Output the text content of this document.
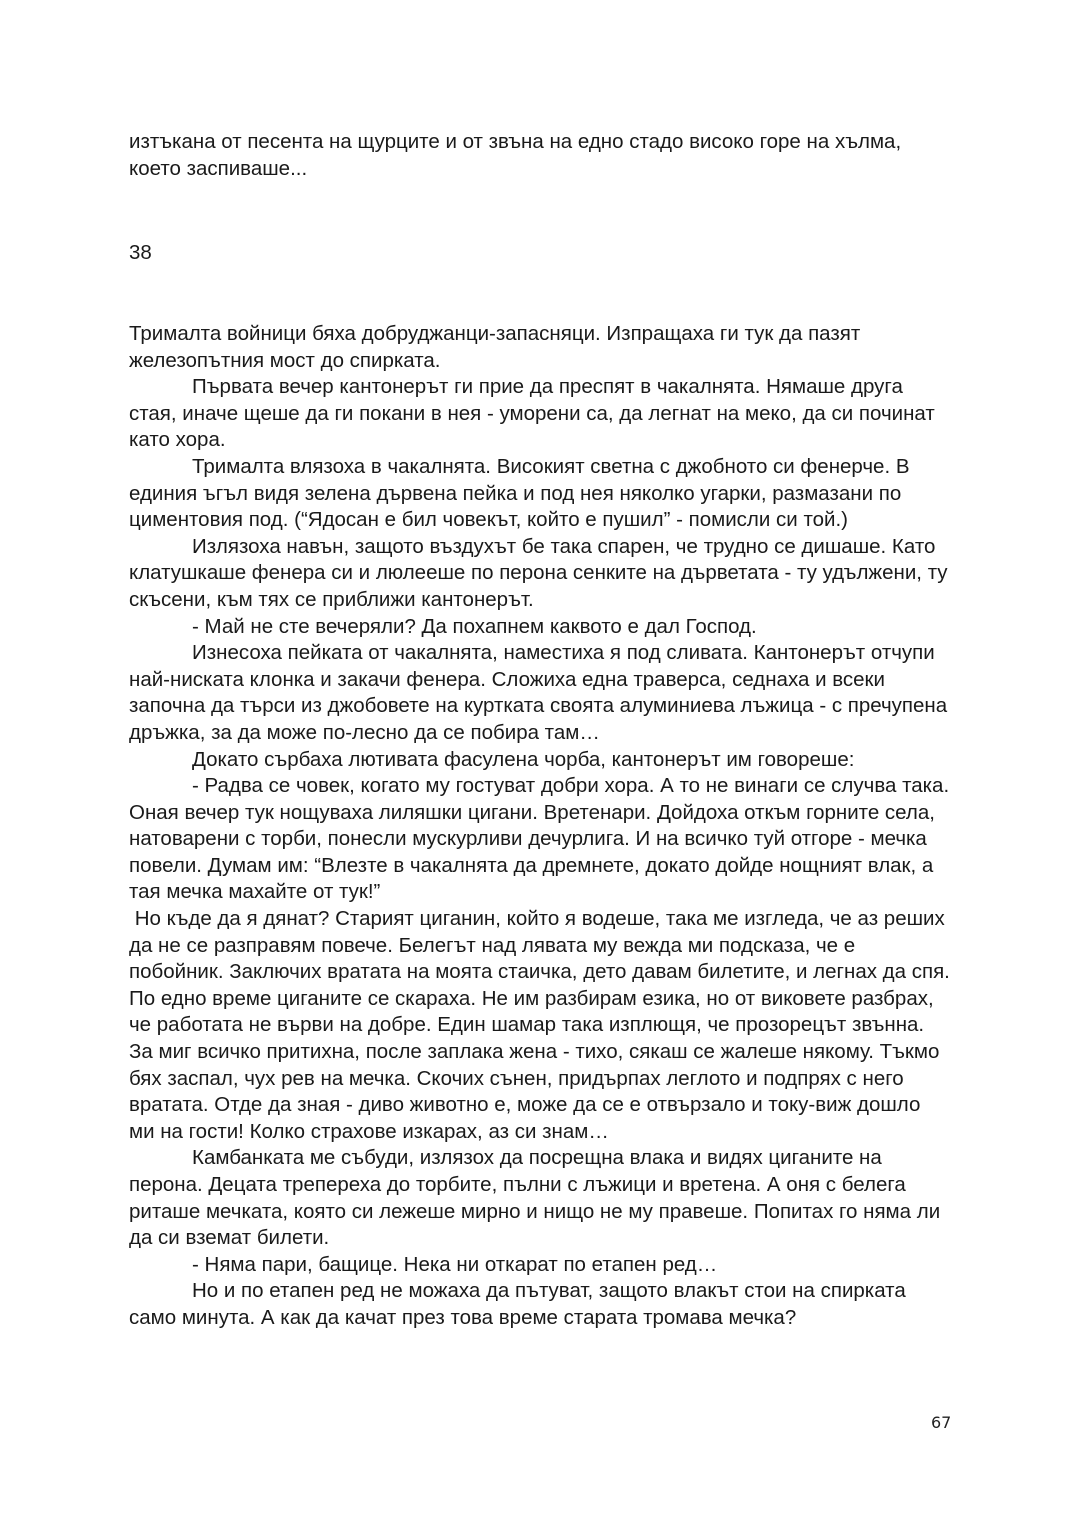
изтъкана от песента на щурците и от звъна на едно стадо високо горе на хълма, което заспиваше...

38

Трималта войници бяха добруджанци-запасняци. Изпращаха ги тук да пазят железопътния мост до спирката.

Първата вечер кантонерът ги прие да преспят в чакалнята. Нямаше друга стая, иначе щеше да ги покани в нея - уморени са, да легнат на меко, да си починат като хора.

Трималта влязоха в чакалнята. Високият светна с джобното си фенерче. В единия ъгъл видя зелена дървена пейка и под нея няколко угарки, размазани по циментовия под. (“Ядосан е бил човекът, който е пушил” - помисли си той.)

Излязоха навън, защото въздухът бе така спарен, че трудно се дишаше. Като клатушкаше фенера си и люлееше по перона сенките на дърветата - ту удължени, ту скъсени, към тях се приближи кантонерът.

- Май не сте вечеряли? Да похапнем каквото е дал Господ.

Изнесоха пейката от чакалнята, наместиха я под сливата. Кантонерът отчупи най-ниската клонка и закачи фенера. Сложиха една траверса, седнаха и всеки започна да търси из джобовете на куртката своята алуминиева лъжица - с пречупена дръжка, за да може по-лесно да се побира там…

Докато сърбаха лютивата фасулена чорба, кантонерът им говореше:

- Радва се човек, когато му гостуват добри хора. А то не винаги се случва така. Оная вечер тук нощуваха лиляшки цигани. Вретенари. Дойдоха откъм горните села, натоварени с торби, понесли мускурливи дечурлига. И на всичко туй отгоре - мечка повели. Думам им: “Влезте в чакалнята да дремнете, докато дойде нощният влак, а тая мечка махайте от тук!”

Но къде да я дянат? Старият циганин, който я водеше, така ме изгледа, че аз реших да не се разправям повече. Белегът над лявата му вежда ми подсказа, че е побойник. Заключих вратата на моята стаичка, дето давам билетите, и легнах да спя. По едно време циганите се скараха. Не им разбирам езика, но от виковете разбрах, че работата не върви на добре. Един шамар така изплющя, че прозорецът звънна. За миг всичко притихна, после заплака жена - тихо, сякаш се жалеше някому. Тъкмо бях заспал, чух рев на мечка. Скочих сънен, придърпах леглото и подпрях с него вратата. Отде да зная - диво животно е, може да се е отвързало и току-виж дошло ми на гости! Колко страхове изкарах, аз си знам…

Камбанката ме събуди, излязох да посрещна влака и видях циганите на перона. Децата трепереха до торбите, пълни с лъжици и вретена. А оня с белега риташе мечката, която си лежеше мирно и нищо не му правеше. Попитах го няма ли да си вземат билети.

- Няма пари, бащице. Нека ни откарат по етапен ред…

Но и по етапен ред не можаха да пътуват, защото влакът стои на спирката само минута. А как да качат през това време старата тромава мечка?

67
